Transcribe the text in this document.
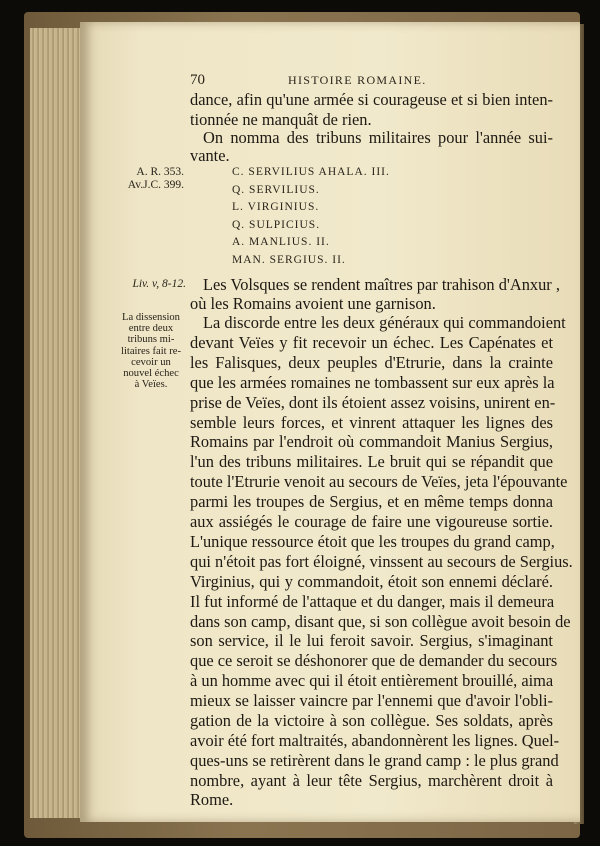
70	HISTOIRE ROMAINE.
A. R. 353.
Av.J.C. 399.
Liv. v, 8-12.
La dissension
entre deux
tribuns mi-
litaires fait re-
cevoir un
nouvel échec
à Veïes.
dance, afin qu'une armée si courageuse et si bien inten-
tionnée ne manquât de rien.
On nomma des tribuns militaires pour l'année sui-
vante.
C. SERVILIUS AHALA. III.
Q. SERVILIUS.
L. VIRGINIUS.
Q. SULPICIUS.
A. MANLIUS. II.
MAN. SERGIUS. II.
Les Volsques se rendent maîtres par trahison d'Anxur ,
où les Romains avoient une garnison.
La discorde entre les deux généraux qui commandoient
devant Veïes y fit recevoir un échec. Les Capénates et
les Falisques, deux peuples d'Etrurie, dans la crainte
que les armées romaines ne tombassent sur eux après la
prise de Veïes, dont ils étoient assez voisins, unirent en-
semble leurs forces, et vinrent attaquer les lignes des
Romains par l'endroit où commandoit Manius Sergius,
l'un des tribuns militaires. Le bruit qui se répandit que
toute l'Etrurie venoit au secours de Veïes, jeta l'épouvante
parmi les troupes de Sergius, et en même temps donna
aux assiégés le courage de faire une vigoureuse sortie.
L'unique ressource étoit que les troupes du grand camp,
qui n'étoit pas fort éloigné, vinssent au secours de Sergius.
Virginius, qui y commandoit, étoit son ennemi déclaré.
Il fut informé de l'attaque et du danger, mais il demeura
dans son camp, disant que, si son collègue avoit besoin de
son service, il le lui feroit savoir. Sergius, s'imaginant
que ce seroit se déshonorer que de demander du secours
à un homme avec qui il étoit entièrement brouillé, aima
mieux se laisser vaincre par l'ennemi que d'avoir l'obli-
gation de la victoire à son collègue. Ses soldats, après
avoir été fort maltraités, abandonnèrent les lignes. Quel-
ques-uns se retirèrent dans le grand camp : le plus grand
nombre, ayant à leur tête Sergius, marchèrent droit à
Rome.
